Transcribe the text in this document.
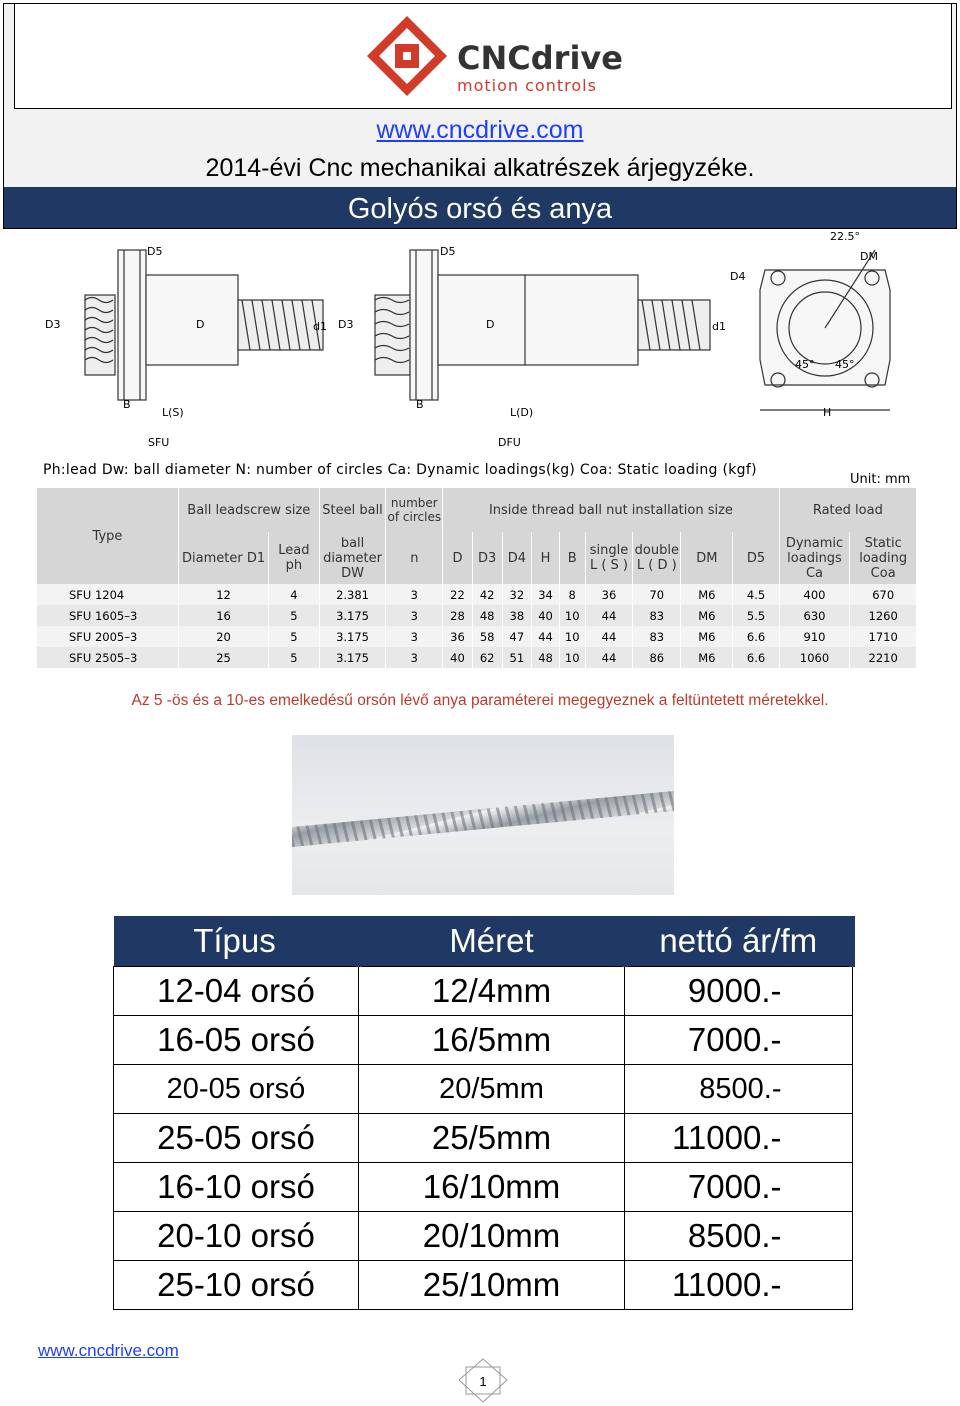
CNCdrive
motion controls
www.cncdrive.com
2014-évi Cnc mechanikai alkatrészek árjegyzéke.
Golyós orsó és anya
D5
D3	D	d1
B
L(S)
SFU
D5
D3	D	d1
B
L(D)
DFU
22.5°
DM
D4
45° 45°
H
Ph:lead Dw: ball diameter N: number of circles Ca: Dynamic loadings(kg) Coa: Static loading (kgf)
Unit: mm
Type	Ball leadscrew size		Steel ball	number of circles	Inside thread ball nut installation size									Rated load	
	Diameter D1	Lead ph	ball diameter DW	n	D	D3	D4	H	B	single L ( S )	double L ( D )	DM	D5	Dynamic loadings Ca	Static loading Coa
SFU 1204	12	4	2.381	3	22	42	32	34	8	36	70	M6	4.5	400	670
SFU 1605–3	16	5	3.175	3	28	48	38	40	10	44	83	M6	5.5	630	1260
SFU 2005–3	20	5	3.175	3	36	58	47	44	10	44	83	M6	6.6	910	1710
SFU 2505–3	25	5	3.175	3	40	62	51	48	10	44	86	M6	6.6	1060	2210
Az 5 -ös és a 10-es emelkedésű orsón lévő anya paraméterei megegyeznek a feltüntetett méretekkel.
Típus	Méret	nettó ár/fm
12-04 orsó	12/4mm	9000.-
16-05 orsó	16/5mm	7000.-
20-05 orsó	20/5mm	8500.-
25-05 orsó	25/5mm	11000.-
16-10 orsó	16/10mm	7000.-
20-10 orsó	20/10mm	8500.-
25-10 orsó	25/10mm	11000.-
www.cncdrive.com
1
